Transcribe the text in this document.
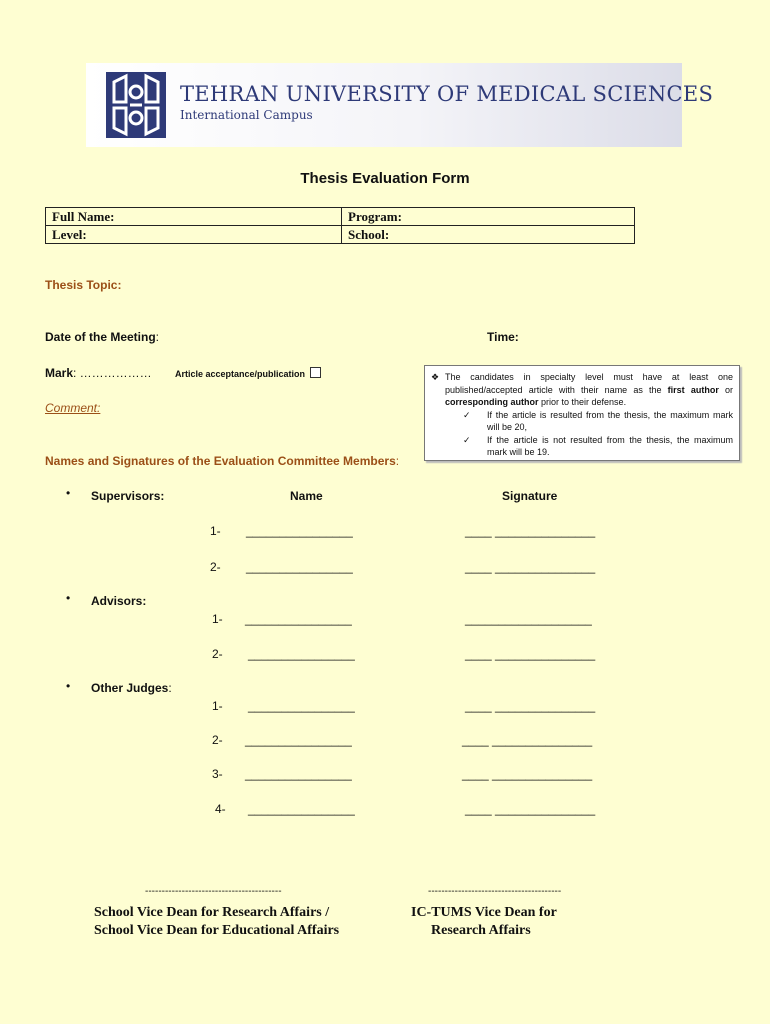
TEHRAN UNIVERSITY OF MEDICAL SCIENCES
International Campus
Thesis Evaluation Form
Full Name:	Program:
Level:	School:
Thesis Topic:
Date of the Meeting:	Time:
Mark: ………………	Article acceptance/publication
Comment:
❖ The candidates in specialty level must have at least one published/accepted article with their name as the first author or corresponding author prior to their defense.
✓ If the article is resulted from the thesis, the maximum mark will be 20,
✓ If the article is not resulted from the thesis, the maximum mark will be 19.
Names and Signatures of the Evaluation Committee Members:
• Supervisors:	Name	Signature
1- ________________	____ _______________
2- ________________	____ _______________
• Advisors:
1- ________________	___________________
2- ________________	____ _______________
• Other Judges:
1- ________________	____ _______________
2- ________________	____ _______________
3- ________________	____ _______________
4- ________________	____ _______________
-----------------------------------------
School Vice Dean for Research Affairs /
School Vice Dean for Educational Affairs
----------------------------------------
IC-TUMS Vice Dean for
Research Affairs
